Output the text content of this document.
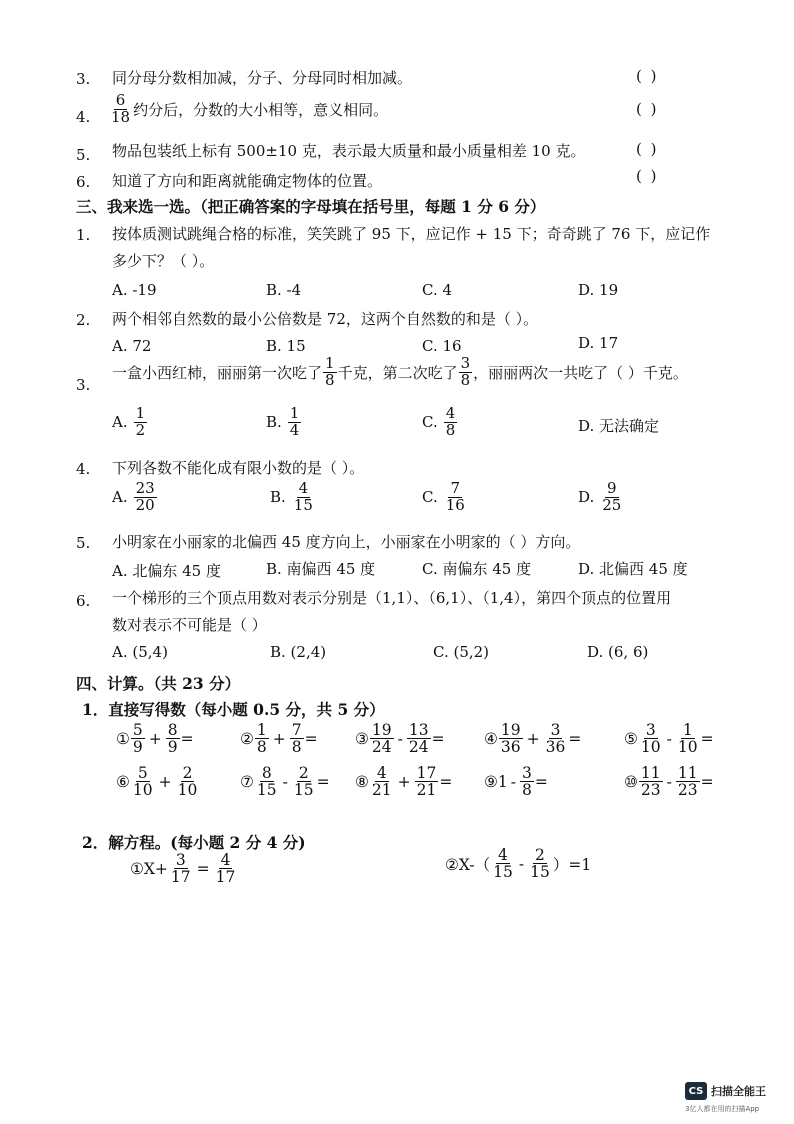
3. 同分母分数相加减，分子、分母同时相加减。	( )
4. $\frac{6}{18}$ 约分后，分数的大小相等，意义相同。	( )
5. 物品包装纸上标有 500±10 克，表示最大质量和最小质量相差 10 克。	( )
6. 知道了方向和距离就能确定物体的位置。	( )
三、我来选一选。（把正确答案的字母填在括号里，每题 1 分 6 分）
1. 按体质测试跳绳合格的标准，笑笑跳了 95 下，应记作 + 15 下；奇奇跳了 76 下，应记作
多少下？（ ）。
A. -19	B. -4	C. 4	D. 19
2. 两个相邻自然数的最小公倍数是 72，这两个自然数的和是（ ）。
A. 72	B. 15	C. 16	D. 17
3.
一盒小西红柿，丽丽第一次吃了 $\frac{1}{8}$ 千克，第二次吃了 $\frac{3}{8}$ ，丽丽两次一共吃了（ ）千克。
A. $\frac{1}{2}$	B. $\frac{1}{4}$	C. $\frac{4}{8}$	D. 无法确定
4. 下列各数不能化成有限小数的是（ ）。
A. $\frac{23}{20}$	B. $\frac{4}{15}$	C. $\frac{7}{16}$	D. $\frac{9}{25}$
5. 小明家在小丽家的北偏西 45 度方向上，小丽家在小明家的（ ）方向。
A. 北偏东 45 度	B. 南偏西 45 度	C. 南偏东 45 度	D. 北偏西 45 度
6. 一个梯形的三个顶点用数对表示分别是（1,1）、（6,1）、（1,4），第四个顶点的位置用
数对表示不可能是（ ）
A. (5,4)	B. (2,4)	C. (5,2)	D. (6, 6)
四、计算。（共 23 分）
1．直接写得数（每小题 0.5 分，共 5 分）
① $\frac{5}{9} + \frac{8}{9}$ =	② $\frac{1}{8} + \frac{7}{8}$ = ③ $\frac{19}{24} - \frac{13}{24}$ =	④ $\frac{19}{36} + \frac{3}{36}$ =	⑤ $\frac{3}{10} - \frac{1}{10}$ =
⑥ $\frac{5}{10} + \frac{2}{10}$	⑦ $\frac{8}{15} - \frac{2}{15}$ = ⑧ $\frac{4}{21} + \frac{17}{21}$ = ⑨ $1 - \frac{3}{8}$ =	⑩ $\frac{11}{23} - \frac{11}{23}$ =
2．解方程。(每小题 2 分 4 分)
①X+ $\frac{3}{17} = \frac{4}{17}$	②X-（ $\frac{4}{15} - \frac{2}{15} )=1$
CS 扫描全能王
3亿人都在用的扫描App
